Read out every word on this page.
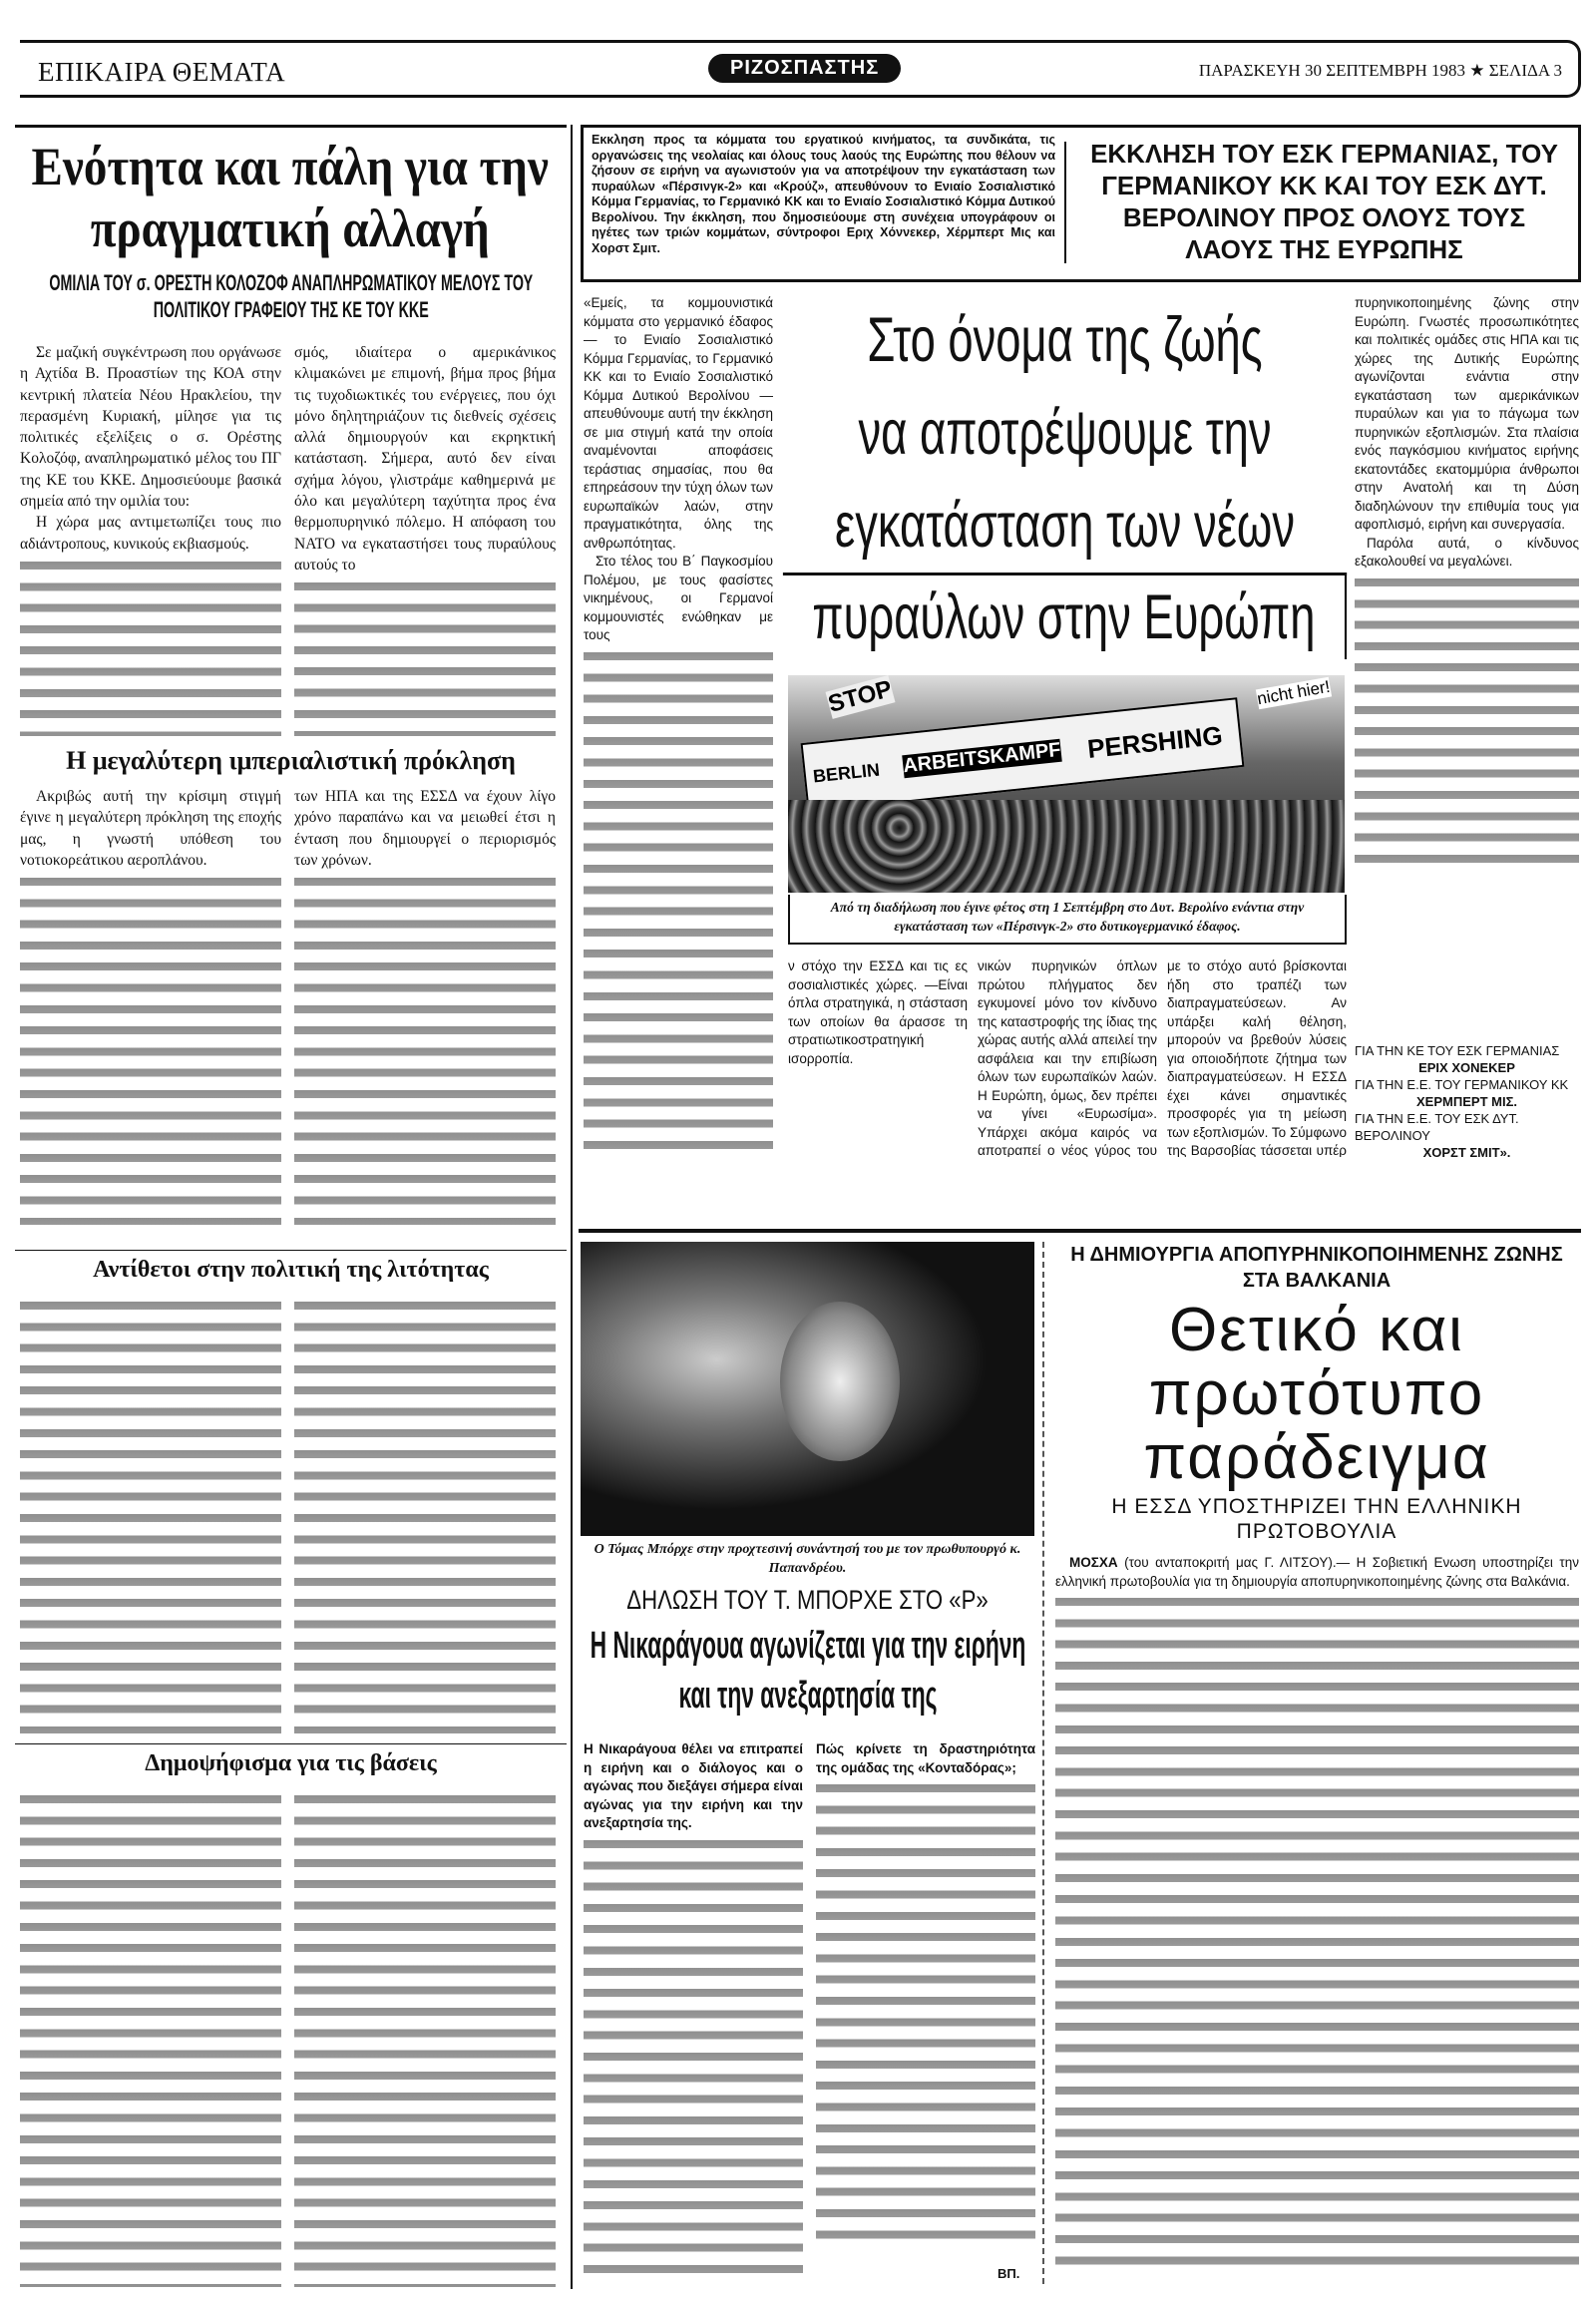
ΕΠΙΚΑΙΡΑ ΘΕΜΑΤΑ	ΡΙΖΟΣΠΑΣΤΗΣ	ΠΑΡΑΣΚΕΥΗ 30 ΣΕΠΤΕΜΒΡΗ 1983 ★ ΣΕΛΙΔΑ 3
Ενότητα και πάλη για την πραγματική αλλαγή
ΟΜΙΛΙΑ ΤΟΥ σ. ΟΡΕΣΤΗ ΚΟΛΟΖΟΦ ΑΝΑΠΛΗΡΩΜΑΤΙΚΟΥ ΜΕΛΟΥΣ ΤΟΥ ΠΟΛΙΤΙΚΟΥ ΓΡΑΦΕΙΟΥ ΤΗΣ ΚΕ ΤΟΥ ΚΚΕ

Σε μαζική συγκέντρωση που οργάνωσε η Αχτίδα Β. Προαστίων της ΚΟΑ στην κεντρική πλατεία Νέου Ηρακλείου, την περασμένη Κυριακή, μίλησε για τις πολιτικές εξελίξεις ο σ. Ορέστης Κολοζόφ, αναπληρωματικό μέλος του ΠΓ της ΚΕ του ΚΚΕ. Δημοσιεύουμε βασικά σημεία από την ομιλία του:

Η χώρα μας αντιμετωπίζει τους πιο αδιάντροπους, κυνικούς εκβιασμούς.

σμός, ιδιαίτερα ο αμερικάνικος κλιμακώνει με επιμονή, βήμα προς βήμα τις τυχοδιωκτικές του ενέργειες, που όχι μόνο δηλητηριάζουν τις διεθνείς σχέσεις αλλά δημιουργούν και εκρηκτική κατάσταση. Σήμερα, αυτό δεν είναι σχήμα λόγου, γλιστράμε καθημερινά με όλο και μεγαλύτερη ταχύτητα προς ένα θερμοπυρηνικό πόλεμο. Η απόφαση του ΝΑΤΟ να εγκαταστήσει τους πυραύλους αυτούς το

Η μεγαλύτερη ιμπεριαλιστική πρόκληση

Ακριβώς αυτή την κρίσιμη στιγμή έγινε η μεγαλύτερη πρόκληση της εποχής μας, η γνωστή υπόθεση του νοτιοκορεάτικου αεροπλάνου.

των ΗΠΑ και της ΕΣΣΔ να έχουν λίγο χρόνο παραπάνω και να μειωθεί έτσι η ένταση που δημιουργεί ο περιορισμός των χρόνων.

Αντίθετοι στην πολιτική της λιτότητας
Δημοψήφισμα για τις βάσεις
Εκκληση προς τα κόμματα του εργατικού κινήματος, τα συνδικάτα, τις οργανώσεις της νεολαίας και όλους τους λαούς της Ευρώπης που θέλουν να ζήσουν σε ειρήνη να αγωνιστούν για να αποτρέψουν την εγκατάσταση των πυραύλων «Πέρσινγκ-2» και «Κρούζ», απευθύνουν το Ενιαίο Σοσιαλιστικό Κόμμα Γερμανίας, το Γερμανικό ΚΚ και το Ενιαίο Σοσιαλιστικό Κόμμα Δυτικού Βερολίνου. Την έκκληση, που δημοσιεύουμε στη συνέχεια υπογράφουν οι ηγέτες των τριών κομμάτων, σύντροφοι Εριχ Χόννεκερ, Χέρμπερτ Μις και Χορστ Σμιτ.
ΕΚΚΛΗΣΗ ΤΟΥ ΕΣΚ ΓΕΡΜΑΝΙΑΣ, ΤΟΥ ΓΕΡΜΑΝΙΚΟΥ ΚΚ ΚΑΙ ΤΟΥ ΕΣΚ ΔΥΤ. ΒΕΡΟΛΙΝΟΥ ΠΡΟΣ ΟΛΟΥΣ ΤΟΥΣ ΛΑΟΥΣ ΤΗΣ ΕΥΡΩΠΗΣ

«Εμείς, τα κομμουνιστικά κόμματα στο γερμανικό έδαφος — το Ενιαίο Σοσιαλιστικό Κόμμα Γερμανίας, το Γερμανικό ΚΚ και το Ενιαίο Σοσιαλιστικό Κόμμα Δυτικού Βερολίνου — απευθύνουμε αυτή την έκκληση σε μια στιγμή κατά την οποία αναμένονται αποφάσεις τεράστιας σημασίας, που θα επηρεάσουν την τύχη όλων των ευρωπαϊκών λαών, στην πραγματικότητα, όλης της ανθρωπότητας.

Στο τέλος του Β΄ Παγκοσμίου Πολέμου, με τους φασίστες νικημένους, οι Γερμανοί κομμουνιστές ενώθηκαν με τους

Στο όνομα της ζωής
να αποτρέψουμε την
εγκατάσταση των νέων
πυραύλων στην Ευρώπη
STOP
BERLIN ARBEITSKAMPF PERSHING
nicht hier!
Από τη διαδήλωση που έγινε φέτος στη 1 Σεπτέμβρη στο Δυτ. Βερολίνο ενάντια στην εγκατάσταση των «Πέρσινγκ-2» στο δυτικογερμανικό έδαφος.

πυρηνικοποιημένης ζώνης στην Ευρώπη. Γνωστές προσωπικότητες και πολιτικές ομάδες στις ΗΠΑ και τις χώρες της Δυτικής Ευρώπης αγωνίζονται ενάντια στην εγκατάσταση των αμερικάνικων πυραύλων και για το πάγωμα των πυρηνικών εξοπλισμών. Στα πλαίσια ενός παγκόσμιου κινήματος ειρήνης εκατοντάδες εκατομμύρια άνθρωποι στην Ανατολή και τη Δύση διαδηλώνουν την επιθυμία τους για αφοπλισμό, ειρήνη και συνεργασία.

Παρόλα αυτά, ο κίνδυνος εξακολουθεί να μεγαλώνει.

ν στόχο την ΕΣΣΔ και τις ες σοσιαλιστικές χώρες. —Είναι όπλα στρατηγικά, η στάσταση των οποίων θα άρασσε τη στρατιωτικοστρατηγική ισορροπία.

νικών πυρηνικών όπλων πρώτου πλήγματος δεν εγκυμονεί μόνο τον κίνδυνο της καταστροφής της ίδιας της χώρας αυτής αλλά απειλεί την ασφάλεια και την επιβίωση όλων των ευρωπαϊκών λαών. Η Ευρώπη, όμως, δεν πρέπει να γίνει «Ευρωσίμα». Υπάρχει ακόμα καιρός να αποτραπεί ο νέος γύρος του

με το στόχο αυτό βρίσκονται ήδη στο τραπέζι των διαπραγματεύσεων. Αν υπάρξει καλή θέληση, μπορούν να βρεθούν λύσεις για οποιοδήποτε ζήτημα των διαπραγματεύσεων. Η ΕΣΣΔ έχει κάνει σημαντικές προσφορές για τη μείωση των εξοπλισμών. Το Σύμφωνο της Βαρσοβίας τάσσεται υπέρ

ΓΙΑ ΤΗΝ ΚΕ ΤΟΥ ΕΣΚ ΓΕΡΜΑΝΙΑΣ
ΕΡΙΧ ΧΟΝΕΚΕΡ
ΓΙΑ ΤΗΝ Ε.Ε. ΤΟΥ ΓΕΡΜΑΝΙΚΟΥ ΚΚ
ΧΕΡΜΠΕΡΤ ΜΙΣ.
ΓΙΑ ΤΗΝ Ε.Ε. ΤΟΥ ΕΣΚ ΔΥΤ. ΒΕΡΟΛΙΝΟΥ
ΧΟΡΣΤ ΣΜΙΤ».
Ο Τόμας Μπόρχε στην προχτεσινή συνάντησή του με τον πρωθυπουργό κ. Παπανδρέου.
ΔΗΛΩΣΗ ΤΟΥ Τ. ΜΠΟΡΧΕ ΣΤΟ «Ρ»
Η Νικαράγουα αγωνίζεται για την ειρήνη και την ανεξαρτησία της

Η Νικαράγουα θέλει να επιτραπεί η ειρήνη και ο διάλογος και ο αγώνας που διεξάγει σήμερα είναι αγώνας για την ειρήνη και την ανεξαρτησία της.

Πώς κρίνετε τη δραστηριότητα της ομάδας της «Κονταδόρας»;

ΒΠ.
Η ΔΗΜΙΟΥΡΓΙΑ ΑΠΟΠΥΡΗΝΙΚΟΠΟΙΗΜΕΝΗΣ ΖΩΝΗΣ ΣΤΑ ΒΑΛΚΑΝΙΑ
Θετικό και
πρωτότυπο
παράδειγμα
Η ΕΣΣΔ ΥΠΟΣΤΗΡΙΖΕΙ ΤΗΝ ΕΛΛΗΝΙΚΗ ΠΡΩΤΟΒΟΥΛΙΑ

ΜΟΣΧΑ (του ανταποκριτή μας Γ. ΛΙΤΣΟΥ).— Η Σοβιετική Ενωση υποστηρίζει την ελληνική πρωτοβουλία για τη δημιουργία αποπυρηνικοποιημένης ζώνης στα Βαλκάνια.
